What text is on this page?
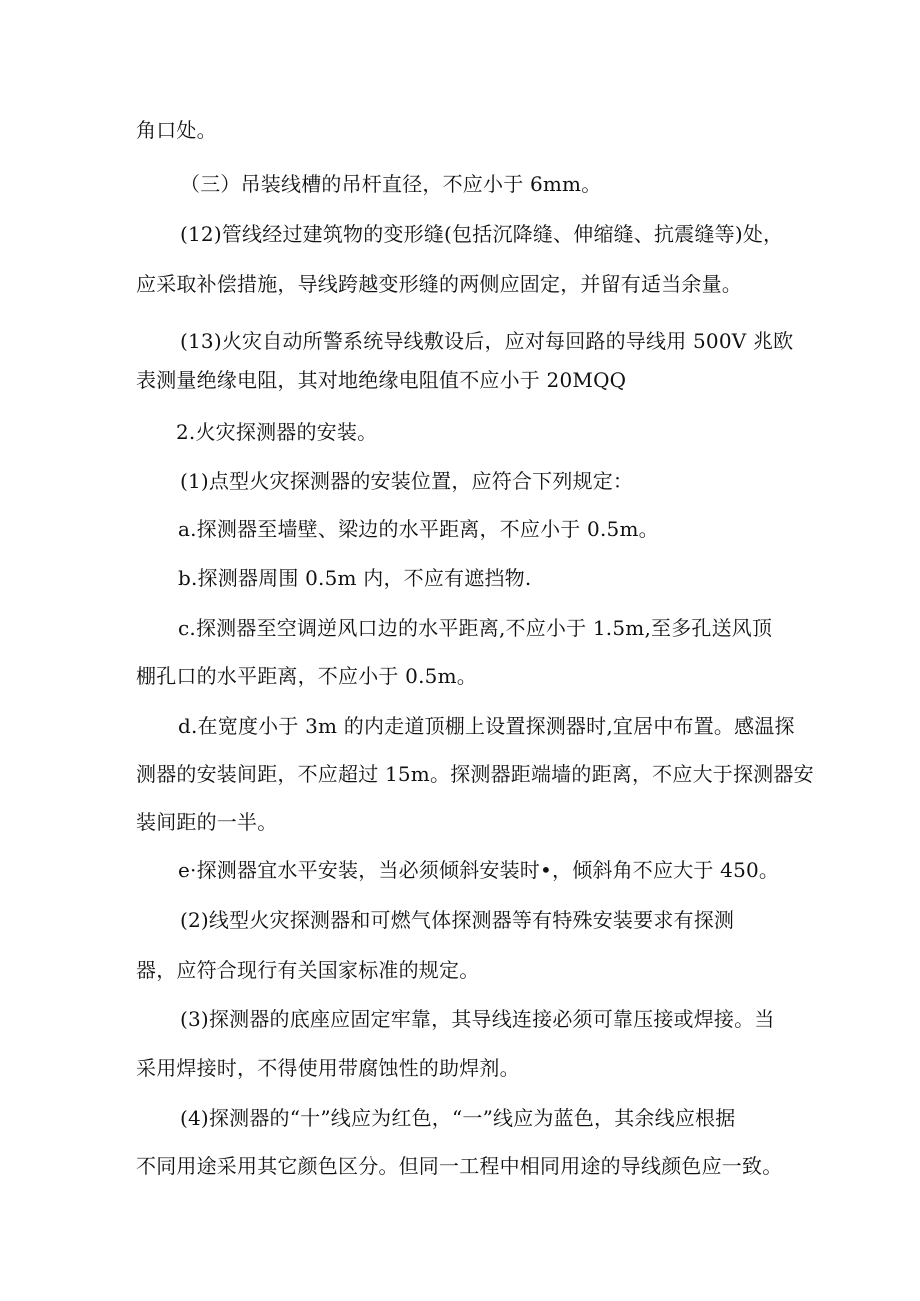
角口处。
（三）吊装线槽的吊杆直径，不应小于 6mm。
(12)管线经过建筑物的变形缝(包括沉降缝、伸缩缝、抗震缝等)处，
应采取补偿措施，导线跨越变形缝的两侧应固定，并留有适当余量。
(13)火灾自动所警系统导线敷设后，应对每回路的导线用 500V 兆欧
表测量绝缘电阻，其对地绝缘电阻值不应小于 20MQQ
2.火灾探测器的安装。
(1)点型火灾探测器的安装位置，应符合下列规定：
a.探测器至墙壁、梁边的水平距离，不应小于 0.5m。
b.探测器周围 0.5m 内，不应有遮挡物.
c.探测器至空调逆风口边的水平距离,不应小于 1.5m,至多孔送风顶
棚孔口的水平距离，不应小于 0.5m。
d.在宽度小于 3m 的内走道顶棚上设置探测器时,宜居中布置。感温探
测器的安装间距，不应超过 15m。探测器距端墙的距离，不应大于探测器安
装间距的一半。
e·探测器宜水平安装，当必须倾斜安装时•，倾斜角不应大于 450。
(2)线型火灾探测器和可燃气体探测器等有特殊安装要求有探测
器，应符合现行有关国家标准的规定。
(3)探测器的底座应固定牢靠，其导线连接必须可靠压接或焊接。当
采用焊接时，不得使用带腐蚀性的助焊剂。
(4)探测器的“十”线应为红色，“一”线应为蓝色，其余线应根据
不同用途采用其它颜色区分。但同一工程中相同用途的导线颜色应一致。
